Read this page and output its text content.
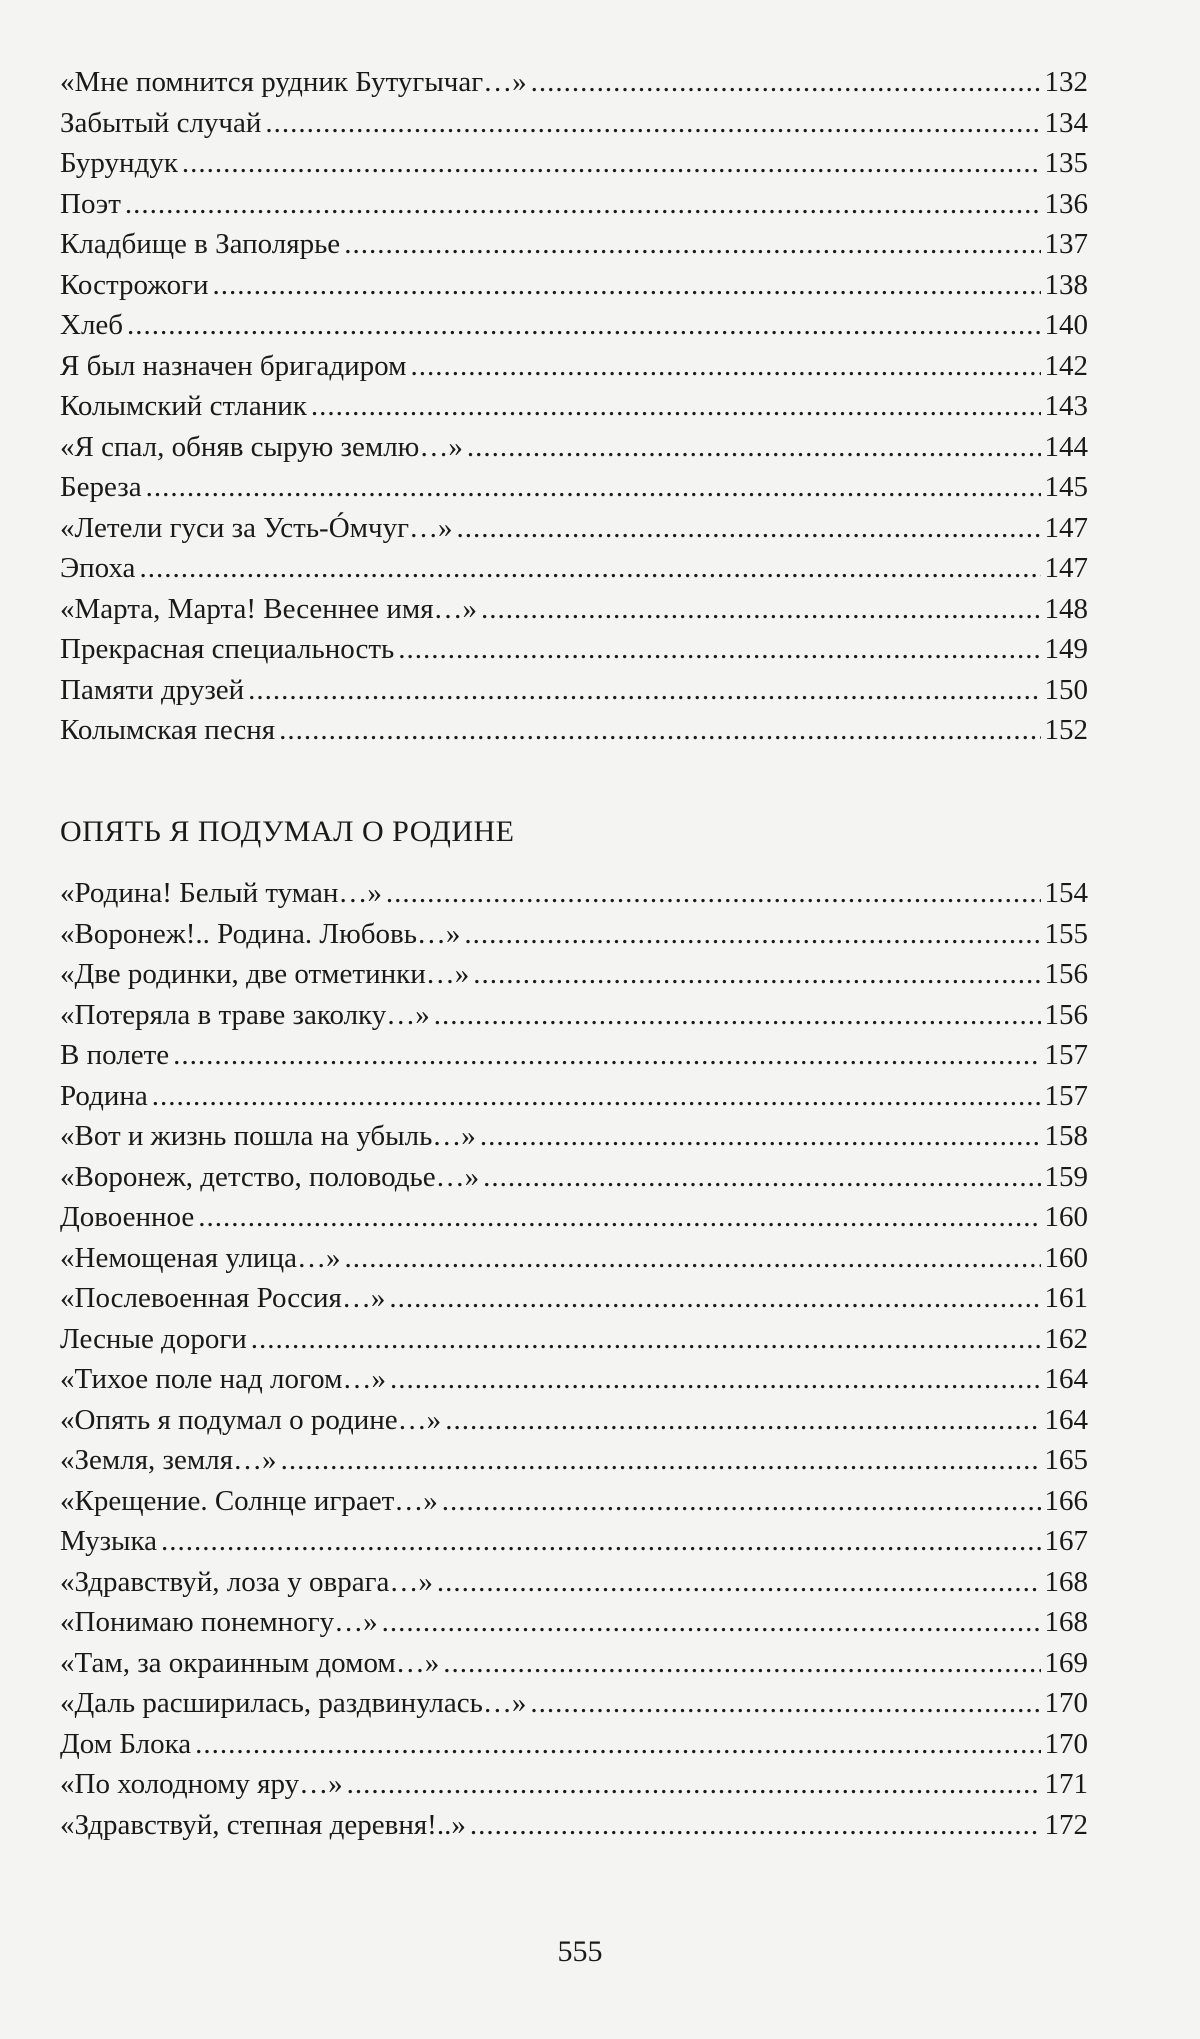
«Мне помнится рудник Бутугычаг…» .....	132
Забытый случай .....	134
Бурундук .....	135
Поэт .....	136
Кладбище в Заполярье .....	137
Кострожоги .....	138
Хлеб .....	140
Я был назначен бригадиром .....	142
Колымский стланик .....	143
«Я спал, обняв сырую землю…» .....	144
Береза .....	145
«Летели гуси за Усть-Óмчуг…» .....	147
Эпоха .....	147
«Марта, Марта! Весеннее имя…» .....	148
Прекрасная специальность .....	149
Памяти друзей .....	150
Колымская песня .....	152
ОПЯТЬ Я ПОДУМАЛ О РОДИНЕ
«Родина! Белый туман…» .....	154
«Воронеж!.. Родина. Любовь…» .....	155
«Две родинки, две отметинки…» .....	156
«Потеряла в траве заколку…» .....	156
В полете .....	157
Родина .....	157
«Вот и жизнь пошла на убыль…» .....	158
«Воронеж, детство, половодье…» .....	159
Довоенное .....	160
«Немощеная улица…» .....	160
«Послевоенная Россия…» .....	161
Лесные дороги .....	162
«Тихое поле над логом…» .....	164
«Опять я подумал о родине…» .....	164
«Земля, земля…» .....	165
«Крещение. Солнце играет…» .....	166
Музыка .....	167
«Здравствуй, лоза у оврага…» .....	168
«Понимаю понемногу…» .....	168
«Там, за окраинным домом…» .....	169
«Даль расширилась, раздвинулась…» .....	170
Дом Блока .....	170
«По холодному яру…» .....	171
«Здравствуй, степная деревня!..» .....	172
555
